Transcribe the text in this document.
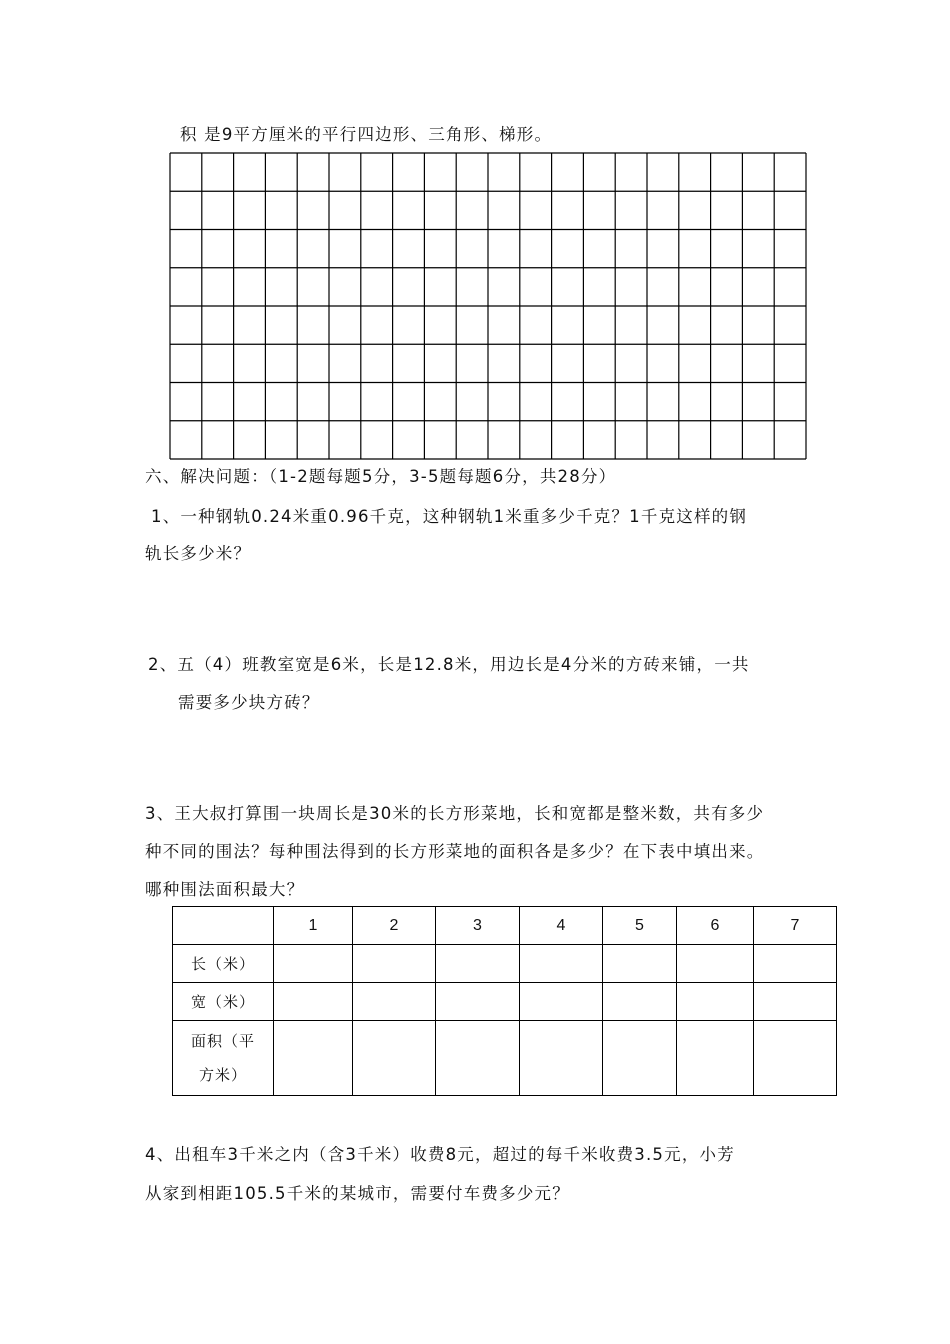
积 是9平方厘米的平行四边形、三角形、梯形。
六、解决问题：（1-2题每题5分，3-5题每题6分，共28分）
1、一种钢轨0.24米重0.96千克，这种钢轨1米重多少千克？1千克这样的钢
轨长多少米？
2、五（4）班教室宽是6米，长是12.8米，用边长是4分米的方砖来铺，一共
需要多少块方砖？
3、王大叔打算围一块周长是30米的长方形菜地，长和宽都是整米数，共有多少
种不同的围法？每种围法得到的长方形菜地的面积各是多少？在下表中填出来。
哪种围法面积最大？
	1	2	3	4	5	6	7
长（米）							
宽（米）							

面积（平
方米）							

4、出租车3千米之内（含3千米）收费8元，超过的每千米收费3.5元，小芳
从家到相距105.5千米的某城市，需要付车费多少元？
